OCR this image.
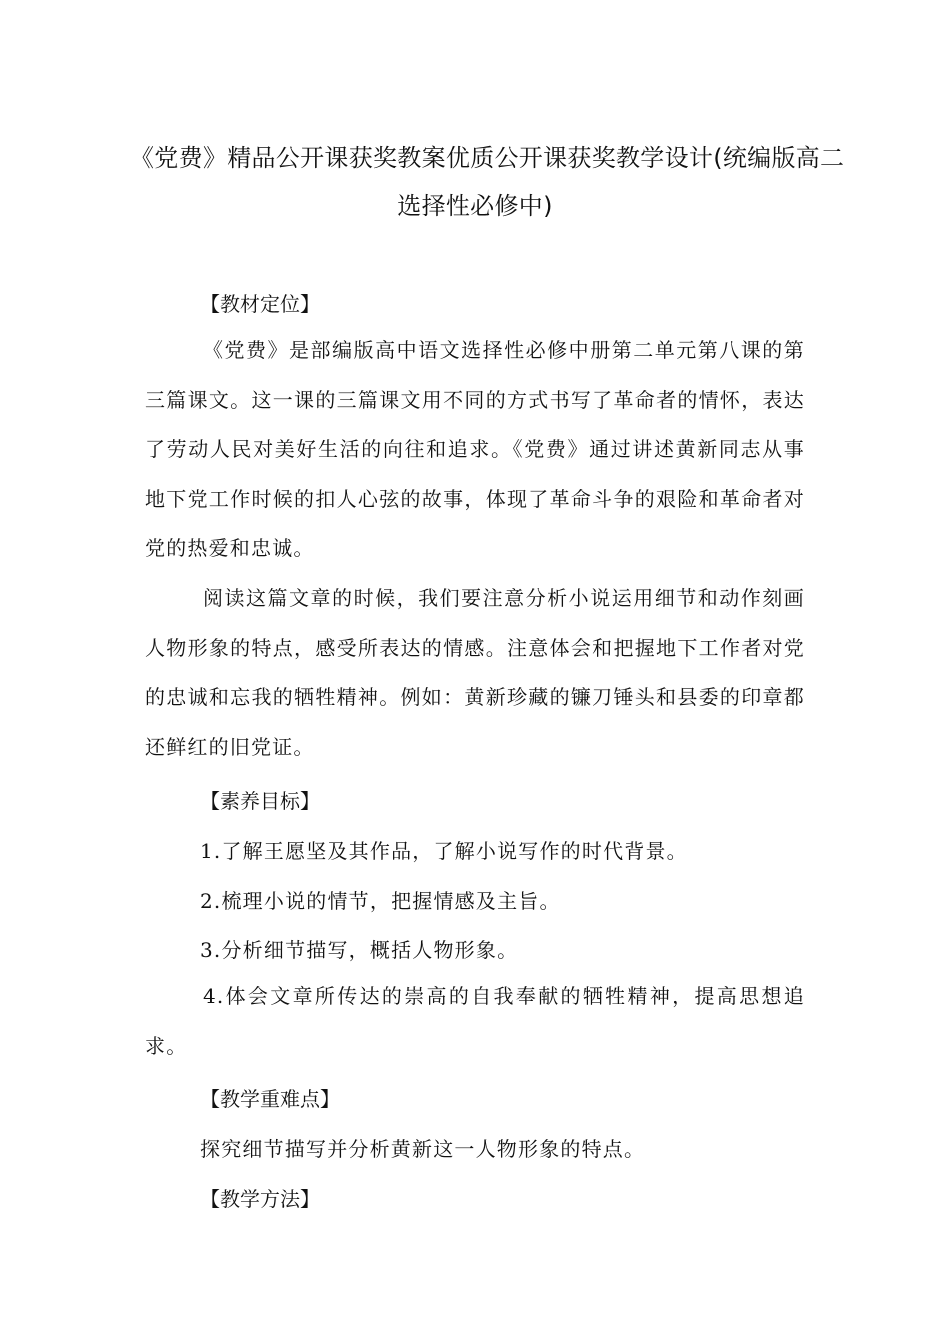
《党费》精品公开课获奖教案优质公开课获奖教学设计(统编版高二
选择性必修中)
【教材定位】
《党费》是部编版高中语文选择性必修中册第二单元第八课的第三篇课文。这一课的三篇课文用不同的方式书写了革命者的情怀，表达了劳动人民对美好生活的向往和追求。《党费》通过讲述黄新同志从事地下党工作时候的扣人心弦的故事，体现了革命斗争的艰险和革命者对党的热爱和忠诚。
阅读这篇文章的时候，我们要注意分析小说运用细节和动作刻画人物形象的特点，感受所表达的情感。注意体会和把握地下工作者对党的忠诚和忘我的牺牲精神。例如：黄新珍藏的镰刀锤头和县委的印章都还鲜红的旧党证。
【素养目标】
1.了解王愿坚及其作品，了解小说写作的时代背景。
2.梳理小说的情节，把握情感及主旨。
3.分析细节描写，概括人物形象。
4.体会文章所传达的崇高的自我奉献的牺牲精神，提高思想追求。
【教学重难点】
探究细节描写并分析黄新这一人物形象的特点。
【教学方法】
